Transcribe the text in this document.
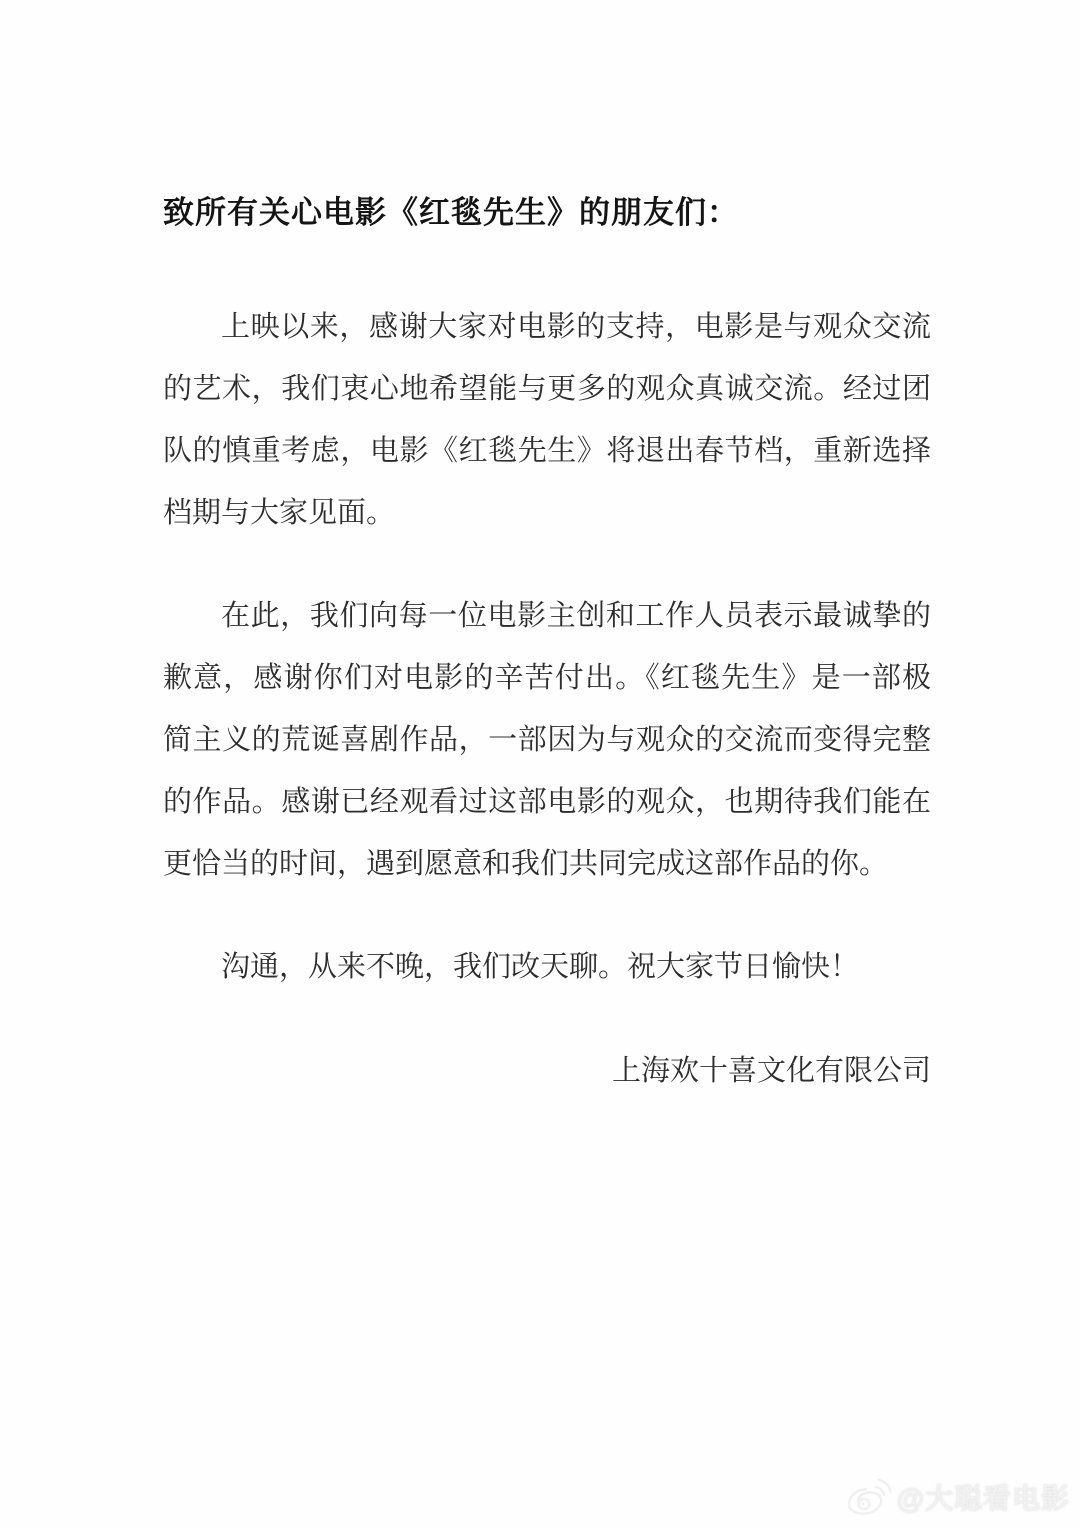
致所有关心电影《红毯先生》的朋友们：

上映以来，感谢大家对电影的支持，电影是与观众交流的艺术，我们衷心地希望能与更多的观众真诚交流。经过团队的慎重考虑，电影《红毯先生》将退出春节档，重新选择档期与大家见面。

在此，我们向每一位电影主创和工作人员表示最诚挚的歉意，感谢你们对电影的辛苦付出。《红毯先生》是一部极简主义的荒诞喜剧作品，一部因为与观众的交流而变得完整的作品。感谢已经观看过这部电影的观众，也期待我们能在更恰当的时间，遇到愿意和我们共同完成这部作品的你。

沟通，从来不晚，我们改天聊。祝大家节日愉快！

上海欢十喜文化有限公司
@大聪看电影
